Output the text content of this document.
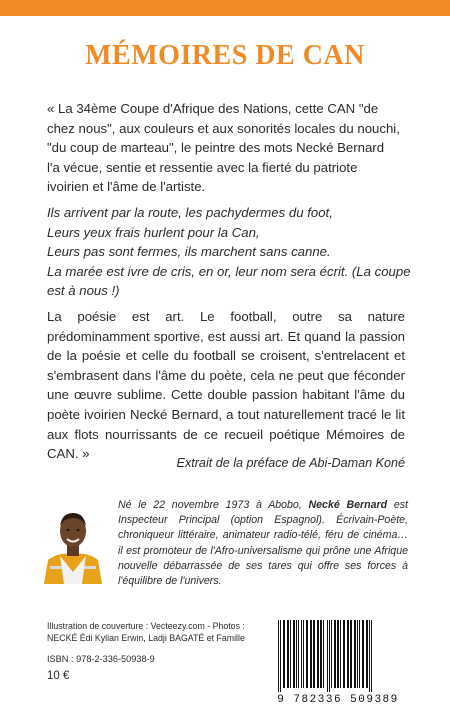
MÉMOIRES DE CAN
« La 34ème Coupe d'Afrique des Nations, cette CAN "de
chez nous", aux couleurs et aux sonorités locales du nouchi,
"du coup de marteau", le peintre des mots Necké Bernard
l'a vécue, sentie et ressentie avec la fierté du patriote
ivoirien et l'âme de l'artiste.
Ils arrivent par la route, les pachydermes du foot,
Leurs yeux frais hurlent pour la Can,
Leurs pas sont fermes, ils marchent sans canne.
La marée est ivre de cris, en or, leur nom sera écrit. (La coupe
est à nous !)
La poésie est art. Le football, outre sa nature prédominamment sportive, est aussi art. Et quand la passion de la poésie et celle du football se croisent, s'entrelacent et s'embrasent dans l'âme du poète, cela ne peut que féconder une œuvre sublime. Cette double passion habitant l'âme du poète ivoirien Necké Bernard, a tout naturellement tracé le lit aux flots nourrissants de ce recueil poétique Mémoires de CAN. »
Extrait de la préface de Abi-Daman Koné
Né le 22 novembre 1973 à Abobo, Necké Bernard est Inspecteur Principal (option Espagnol). Écrivain-Poète, chroniqueur littéraire, animateur radio-télé, féru de cinéma… il est promoteur de l'Afro-universalisme qui prône une Afrique nouvelle débarrassée de ses tares qui offre ses forces à l'équilibre de l'univers.
Illustration de couverture : Vecteezy.com - Photos : NECKÉ Édi Kylian Erwin, Ladji BAGATÉ et Famille
ISBN : 978-2-336-50938-9
10 €
9 782336 509389
